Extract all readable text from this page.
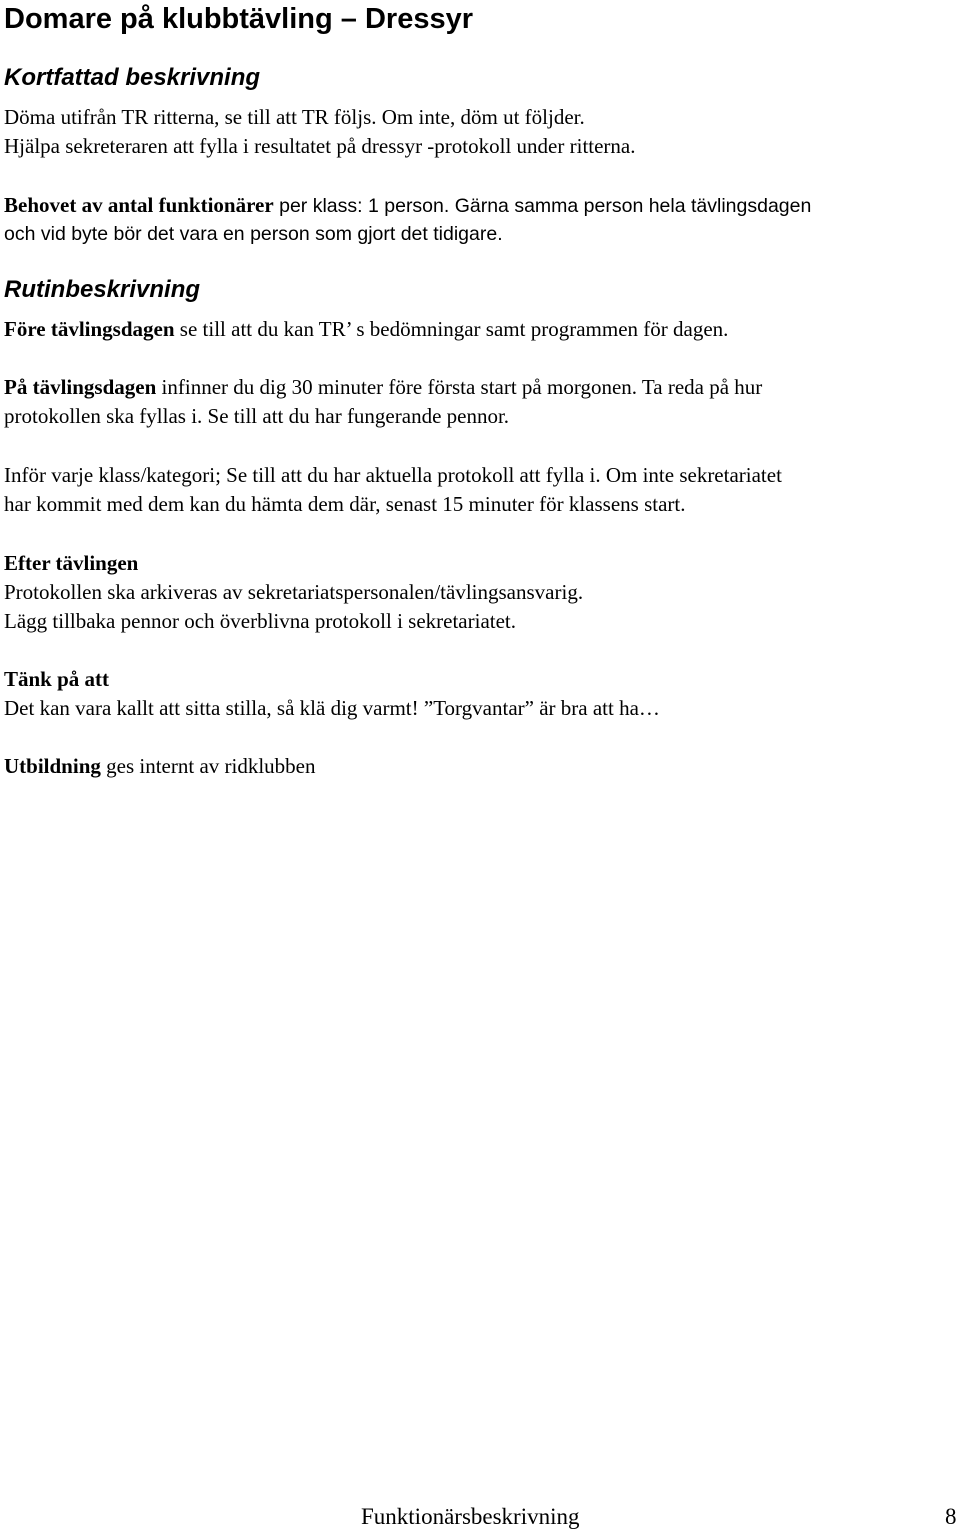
Domare på klubbtävling – Dressyr
Kortfattad beskrivning

Döma utifrån TR ritterna, se till att TR följs. Om inte, döm ut följder.

Hjälpa sekreteraren att fylla i resultatet på dressyr -protokoll under ritterna.

Behovet av antal funktionärer per klass: 1 person. Gärna samma person hela tävlingsdagen

och vid byte bör det vara en person som gjort det tidigare.

Rutinbeskrivning

Före tävlingsdagen se till att du kan TR’ s bedömningar samt programmen för dagen.

På tävlingsdagen infinner du dig 30 minuter före första start på morgonen. Ta reda på hur

protokollen ska fyllas i. Se till att du har fungerande pennor.

Inför varje klass/kategori; Se till att du har aktuella protokoll att fylla i. Om inte sekretariatet

har kommit med dem kan du hämta dem där, senast 15 minuter för klassens start.

Efter tävlingen

Protokollen ska arkiveras av sekretariatspersonalen/tävlingsansvarig.

Lägg tillbaka pennor och överblivna protokoll i sekretariatet.

Tänk på att

Det kan vara kallt att sitta stilla, så klä dig varmt! ”Torgvantar” är bra att ha…

Utbildning ges internt av ridklubben

Funktionärsbeskrivning	8
